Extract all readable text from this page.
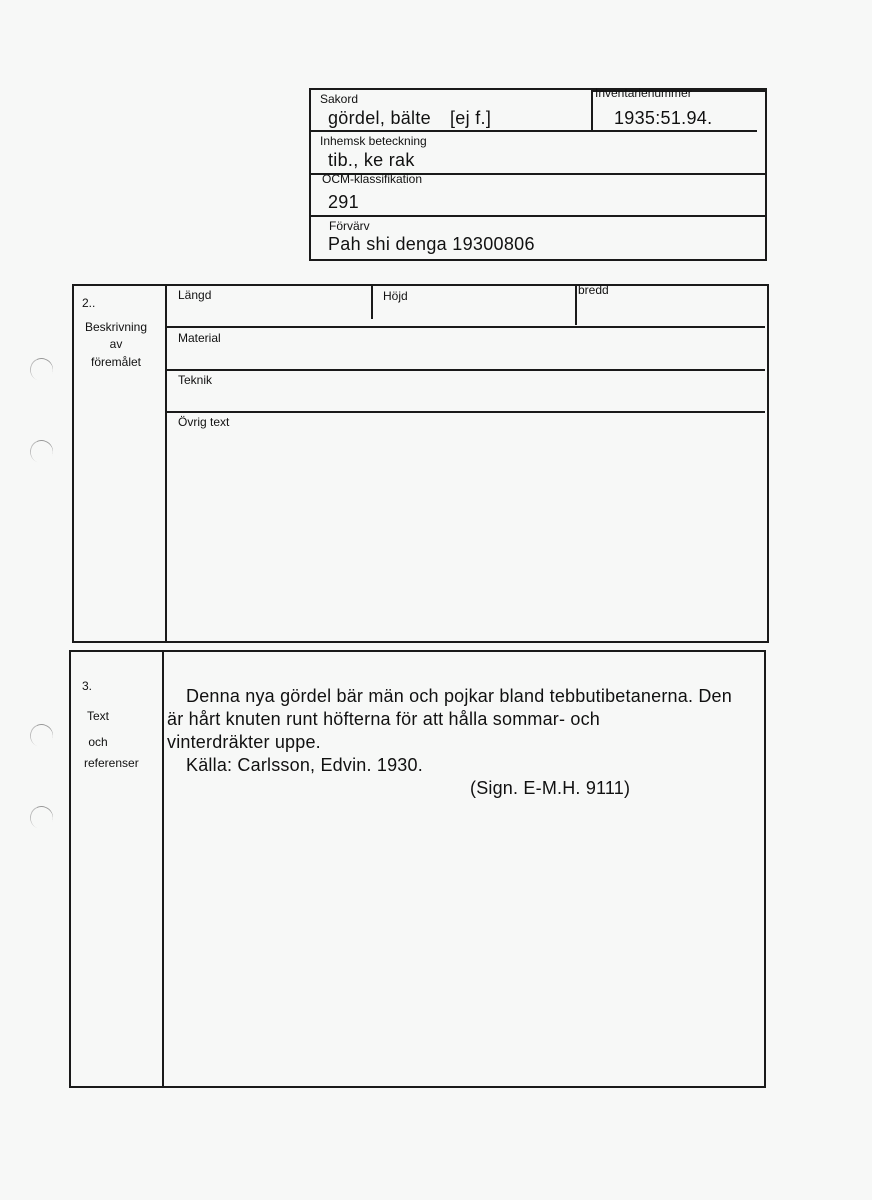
Sakord
gördel, bälte [ej f.]
Inventarienummer
1935:51.94.
Inhemsk beteckning
tib., ke rak
OCM-klassifikation
291
Förvärv
Pah shi denga 19300806
2..
Beskrivning
av
föremålet
Längd	Höjd	bredd
Material
Teknik
Övrig text
3.
Text
och
referenser
Denna nya gördel bär män och pojkar bland tebbutibetanerna. Den
är hårt knuten runt höfterna för att hålla sommar- och
vinterdräkter uppe.
Källa: Carlsson, Edvin. 1930.
(Sign. E-M.H. 9111)
